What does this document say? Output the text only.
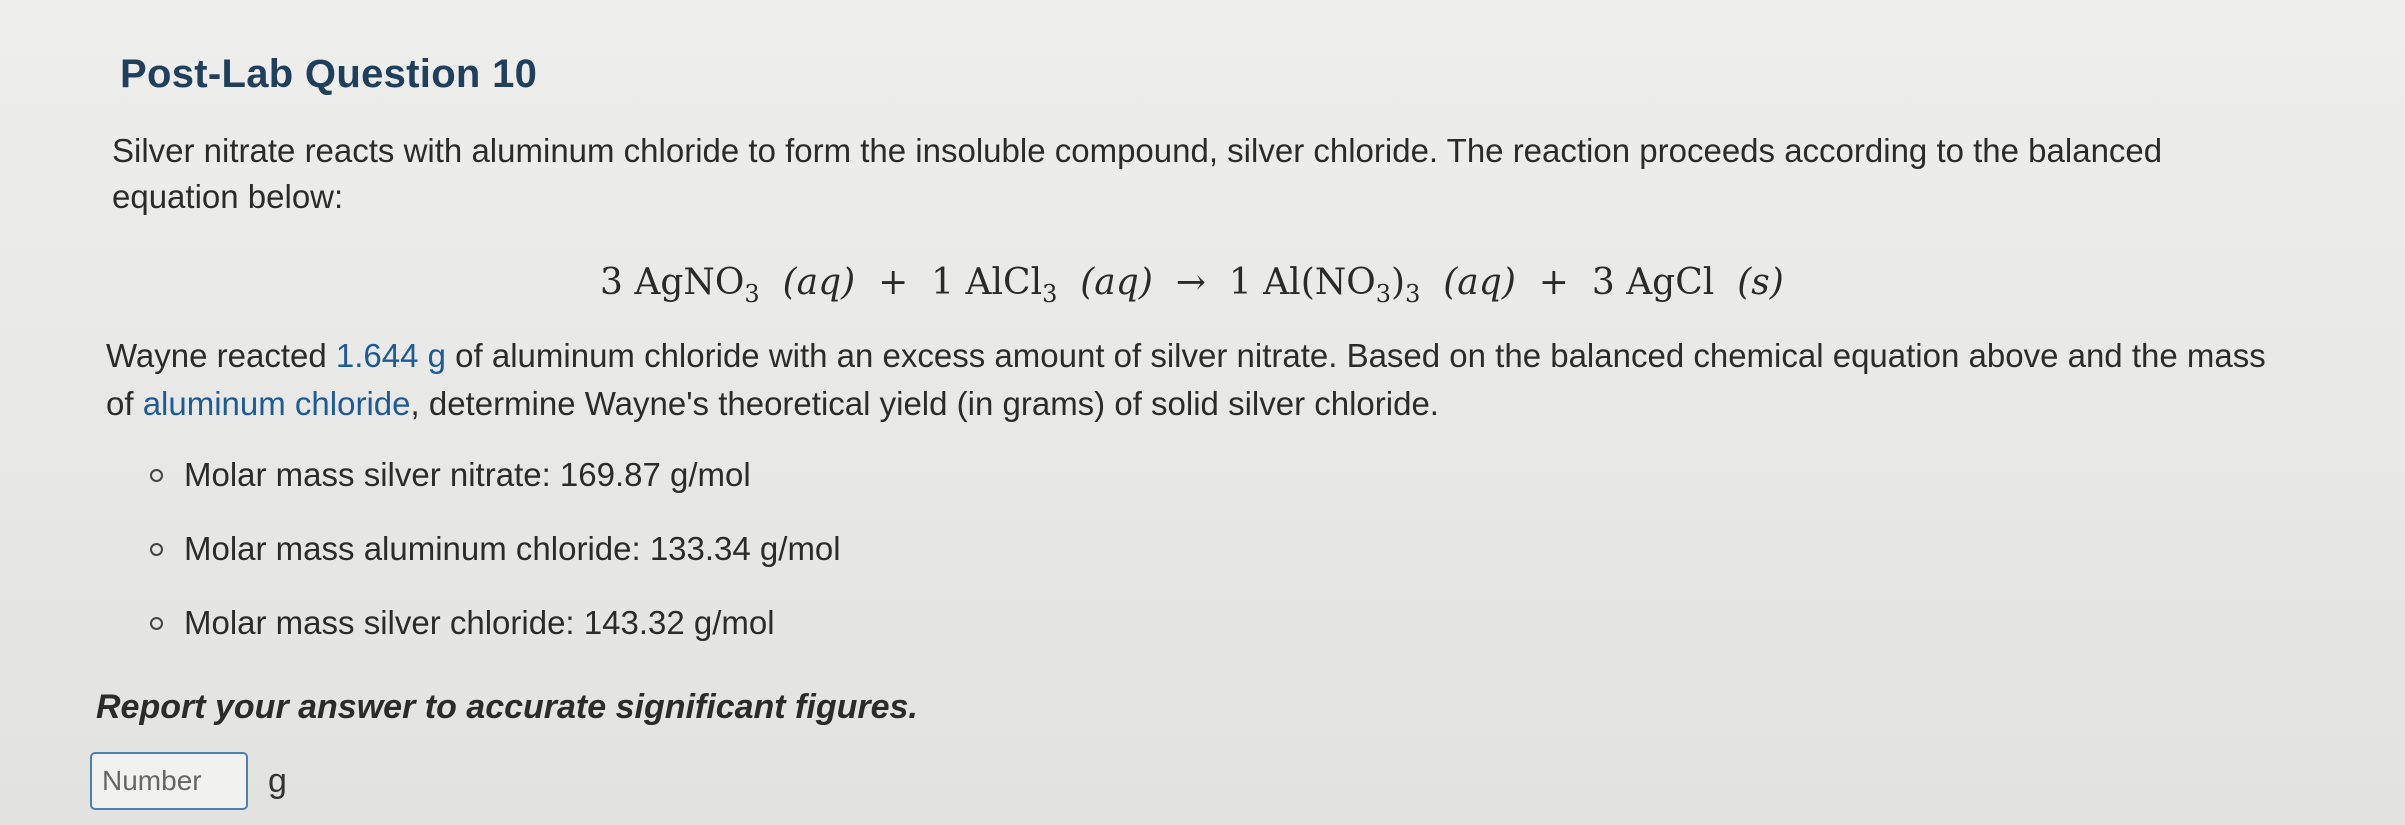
Post-Lab Question 10
Silver nitrate reacts with aluminum chloride to form the insoluble compound, silver chloride. The reaction proceeds according to the balanced equation below:
3 AgNO$_3$ (aq) + 1 AlCl$_3$ (aq) → 1 $Al(NO_3)_3$ (aq) + 3 AgCl (s)
Wayne reacted 1.644 g of aluminum chloride with an excess amount of silver nitrate. Based on the balanced chemical equation above and the mass of aluminum chloride, determine Wayne's theoretical yield (in grams) of solid silver chloride.
Molar mass silver nitrate: 169.87 g/mol
Molar mass aluminum chloride: 133.34 g/mol
Molar mass silver chloride: 143.32 g/mol
Report your answer to accurate significant figures.
Number
g
